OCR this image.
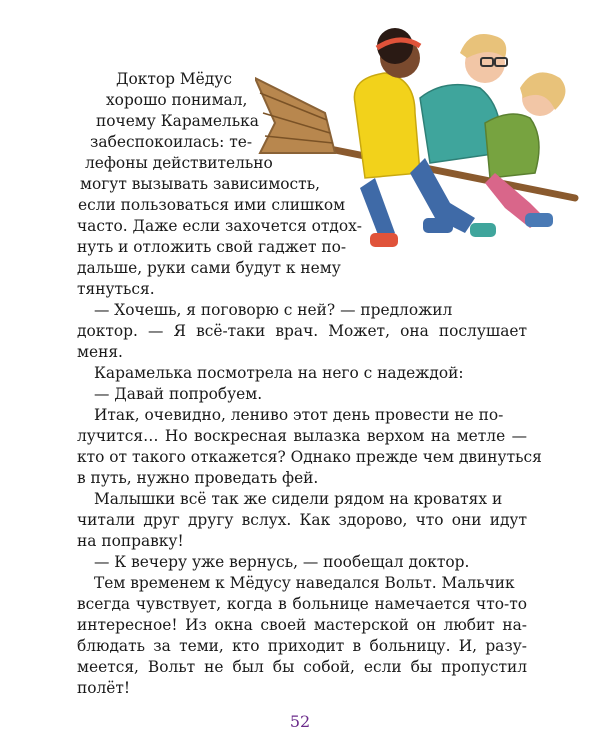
Доктор Мёдус
хорошо понимал,
почему Карамелька
забеспокоилась: те-
лефоны действительно
могут вызывать зависимость,
если пользоваться ими слишком
часто. Даже если захочется отдох-
нуть и отложить свой гаджет по-
дальше, руки сами будут к нему
тянуться.
— Хочешь, я поговорю с ней? — предложил
доктор. — Я всё-таки врач. Может, она послушает
меня.
Карамелька посмотрела на него с надеждой:
— Давай попробуем.
Итак, очевидно, лениво этот день провести не по-
лучится… Но воскресная вылазка верхом на метле —
кто от такого откажется? Однако прежде чем двинуться
в путь, нужно проведать фей.
Малышки всё так же сидели рядом на кроватях и
читали друг другу вслух. Как здорово, что они идут
на поправку!
— К вечеру уже вернусь, — пообещал доктор.
Тем временем к Мёдусу наведался Вольт. Мальчик
всегда чувствует, когда в больнице намечается что-то
интересное! Из окна своей мастерской он любит на-
блюдать за теми, кто приходит в больницу. И, разу-
меется, Вольт не был бы собой, если бы пропустил
полёт!
52
